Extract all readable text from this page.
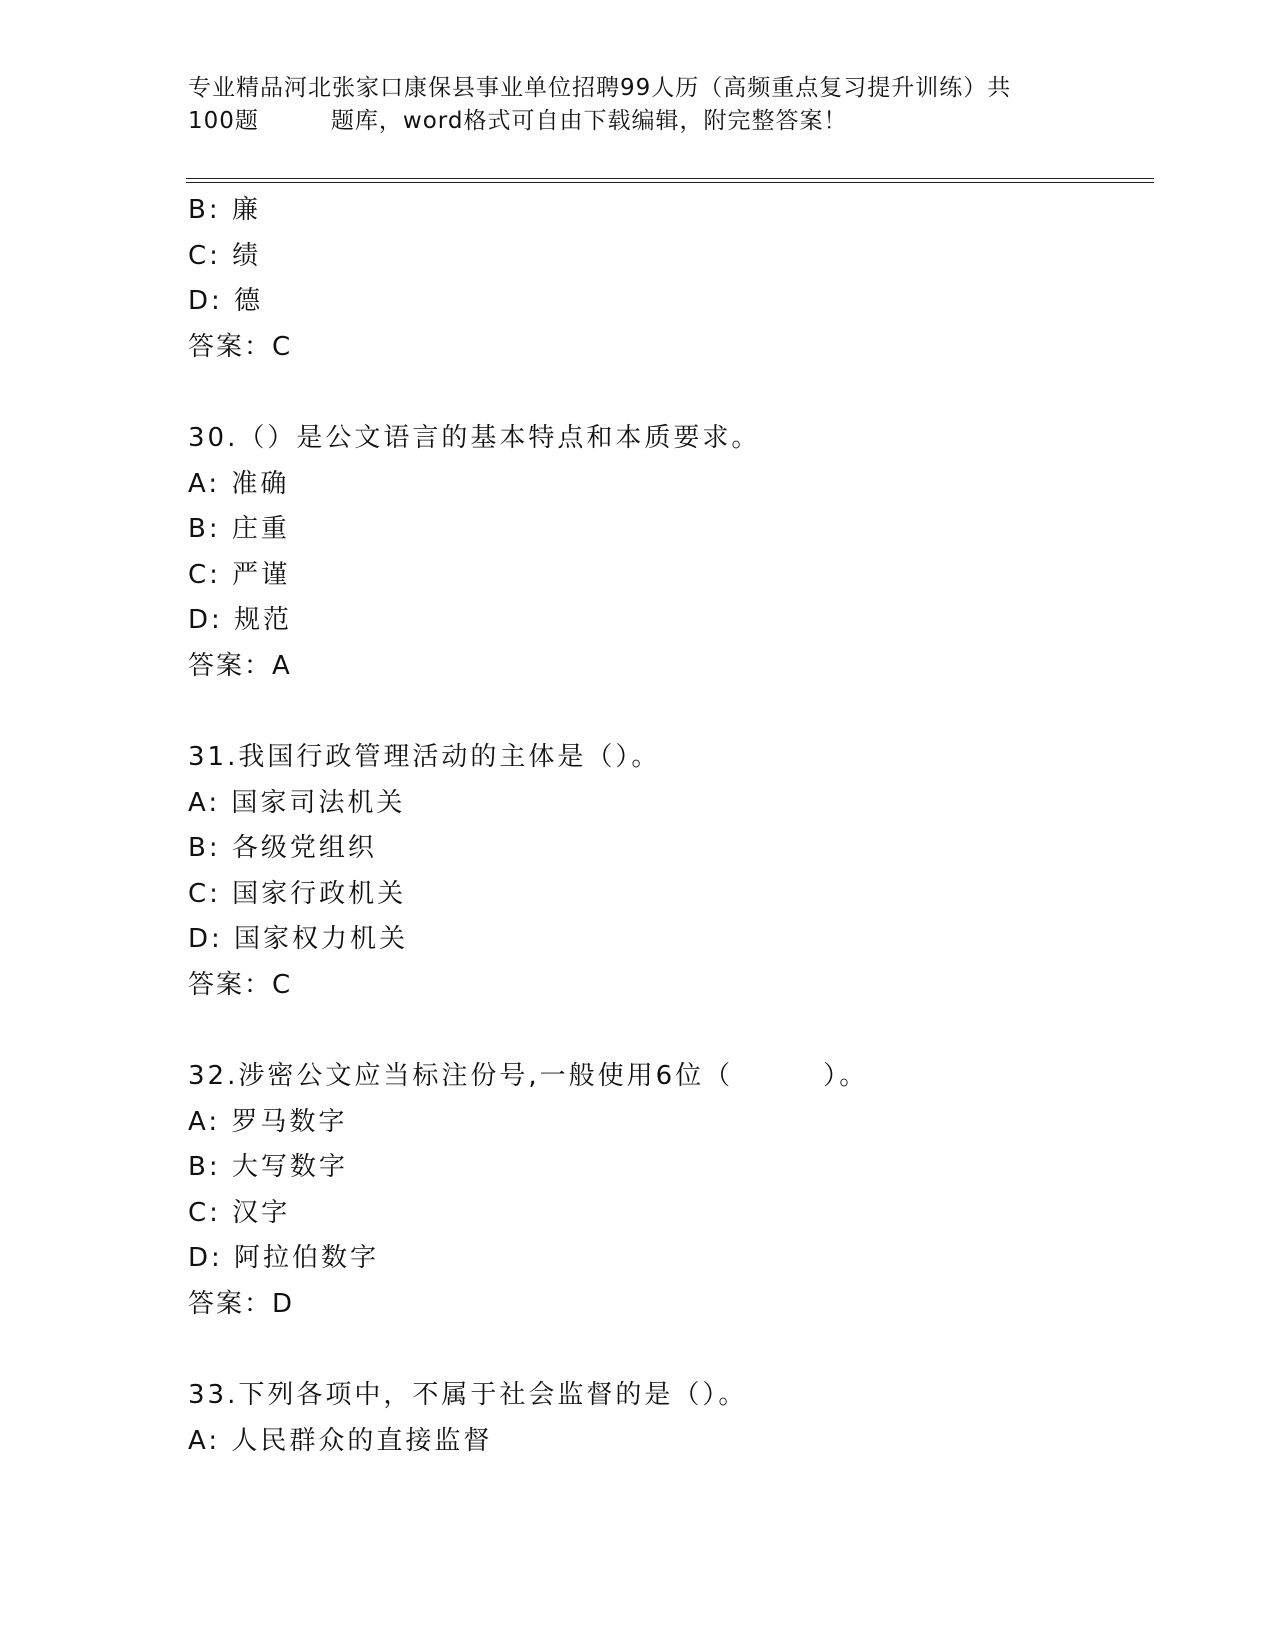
专业精品河北张家口康保县事业单位招聘99人历（高频重点复习提升训练）共
100题	题库，word格式可自由下载编辑，附完整答案！
B: 廉
C: 绩
D: 德
答案：C
30.（）是公文语言的基本特点和本质要求。
A: 准确
B: 庄重
C: 严谨
D: 规范
答案：A
31.我国行政管理活动的主体是（）。
A: 国家司法机关
B: 各级党组织
C: 国家行政机关
D: 国家权力机关
答案：C
32.涉密公文应当标注份号,一般使用6位（        ）。
A: 罗马数字
B: 大写数字
C: 汉字
D: 阿拉伯数字
答案：D
33.下列各项中，不属于社会监督的是（）。
A: 人民群众的直接监督
